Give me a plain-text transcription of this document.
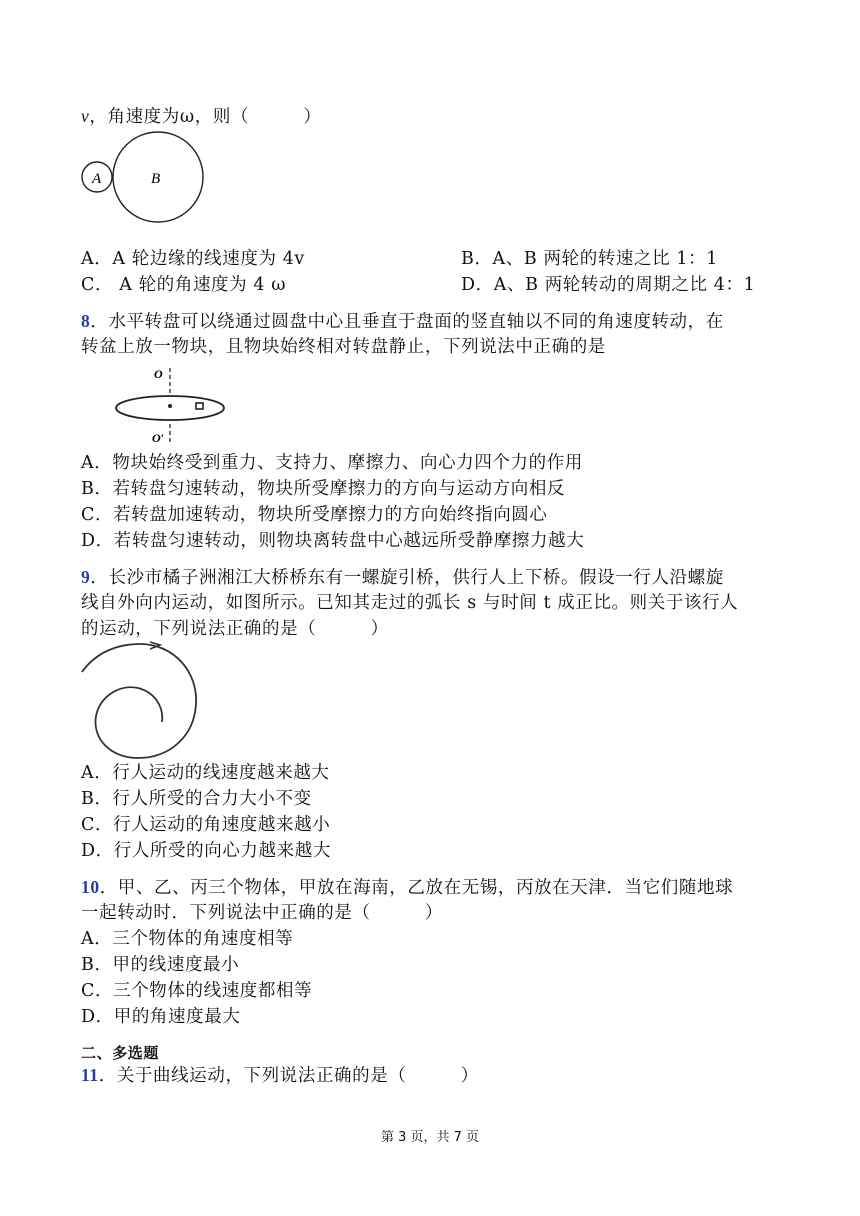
v，角速度为ω，则（　　　）
A	B
A．A 轮边缘的线速度为 4v	B．A、B 两轮的转速之比 1：1
C． A 轮的角速度为 4 ω	D．A、B 两轮转动的周期之比 4：1
8．水平转盘可以绕通过圆盘中心且垂直于盘面的竖直轴以不同的角速度转动，在
转盆上放一物块，且物块始终相对转盘静止，下列说法中正确的是
O
O′
A．物块始终受到重力、支持力、摩擦力、向心力四个力的作用
B．若转盘匀速转动，物块所受摩擦力的方向与运动方向相反
C．若转盘加速转动，物块所受摩擦力的方向始终指向圆心
D．若转盘匀速转动，则物块离转盘中心越远所受静摩擦力越大
9．长沙市橘子洲湘江大桥桥东有一螺旋引桥，供行人上下桥。假设一行人沿螺旋
线自外向内运动，如图所示。已知其走过的弧长 s 与时间 t 成正比。则关于该行人
的运动，下列说法正确的是（　　　）
A．行人运动的线速度越来越大
B．行人所受的合力大小不变
C．行人运动的角速度越来越小
D．行人所受的向心力越来越大
10．甲、乙、丙三个物体，甲放在海南，乙放在无锡，丙放在天津．当它们随地球
一起转动时．下列说法中正确的是（　　　）
A．三个物体的角速度相等
B．甲的线速度最小
C．三个物体的线速度都相等
D．甲的角速度最大
二、多选题
11．关于曲线运动，下列说法正确的是（　　　）
第 3 页，共 7 页
